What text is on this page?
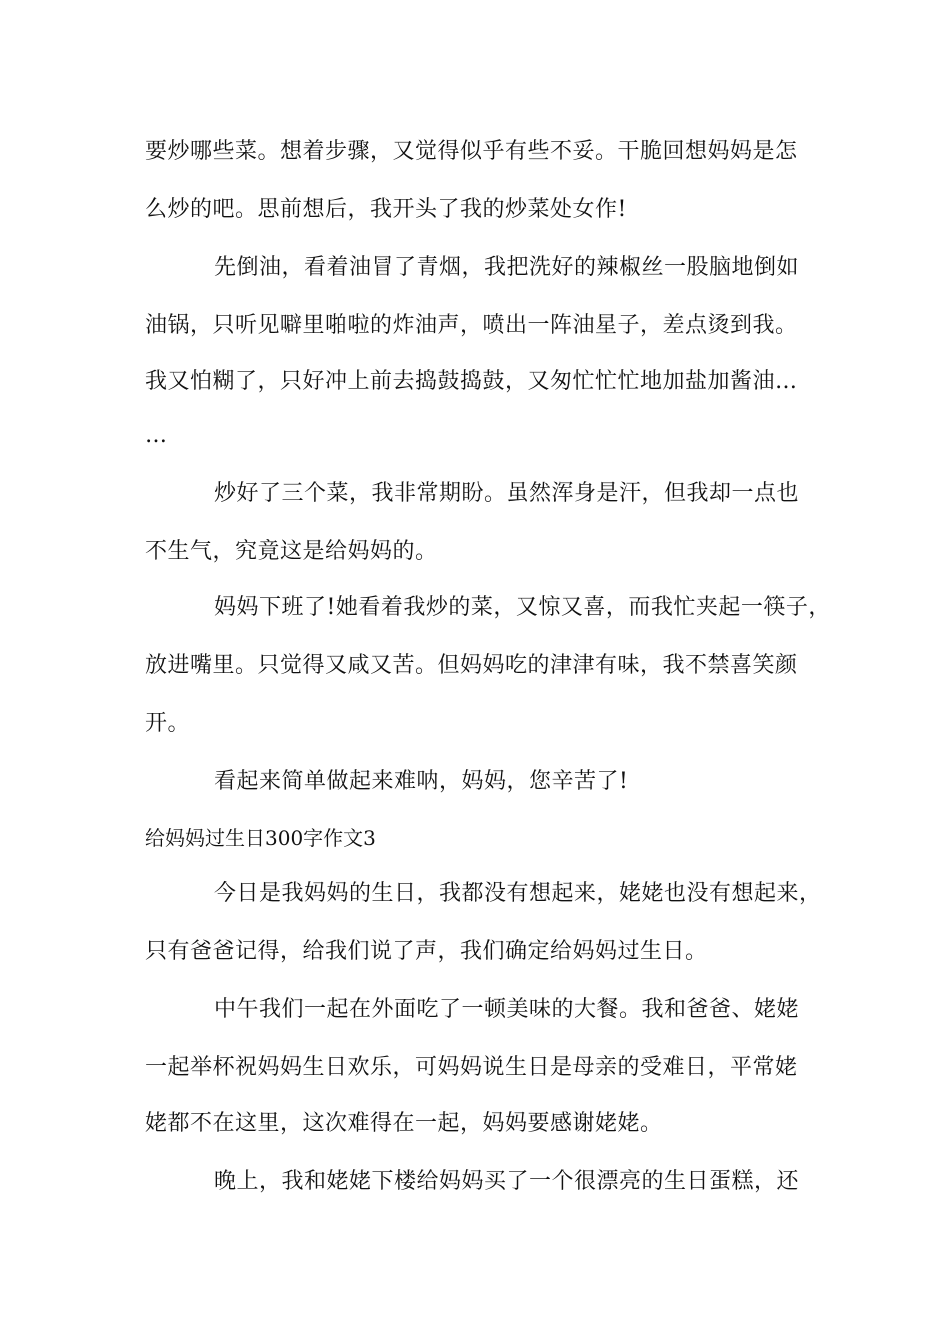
要炒哪些菜。想着步骤，又觉得似乎有些不妥。干脆回想妈妈是怎
么炒的吧。思前想后，我开头了我的炒菜处女作!
先倒油，看着油冒了青烟，我把洗好的辣椒丝一股脑地倒如
油锅，只听见噼里啪啦的炸油声，喷出一阵油星子，差点烫到我。
我又怕糊了，只好冲上前去捣鼓捣鼓，又匆忙忙忙地加盐加酱油…
…
炒好了三个菜，我非常期盼。虽然浑身是汗，但我却一点也
不生气，究竟这是给妈妈的。
妈妈下班了!她看着我炒的菜，又惊又喜，而我忙夹起一筷子，
放进嘴里。只觉得又咸又苦。但妈妈吃的津津有味，我不禁喜笑颜
开。
看起来简单做起来难呐，妈妈，您辛苦了!
给妈妈过生日300字作文3
今日是我妈妈的生日，我都没有想起来，姥姥也没有想起来，
只有爸爸记得，给我们说了声，我们确定给妈妈过生日。
中午我们一起在外面吃了一顿美味的大餐。我和爸爸、姥姥
一起举杯祝妈妈生日欢乐，可妈妈说生日是母亲的受难日，平常姥
姥都不在这里，这次难得在一起，妈妈要感谢姥姥。
晚上，我和姥姥下楼给妈妈买了一个很漂亮的生日蛋糕，还
